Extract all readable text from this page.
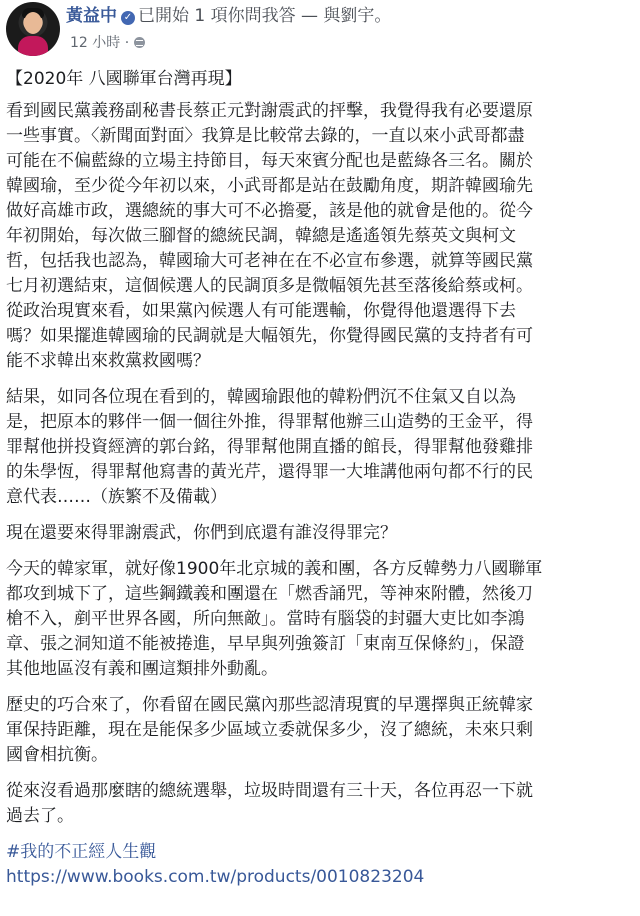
黃益中 ✓ 已開始 1 項你問我答 — 與劉宇。
12 小時 ·

【2020年 八國聯軍台灣再現】

看到國民黨義務副秘書長蔡正元對謝震武的抨擊，我覺得我有必要還原
一些事實。〈新聞面對面〉我算是比較常去錄的，一直以來小武哥都盡
可能在不偏藍綠的立場主持節目，每天來賓分配也是藍綠各三名。關於
韓國瑜，至少從今年初以來，小武哥都是站在鼓勵角度，期許韓國瑜先
做好高雄市政，選總統的事大可不必擔憂，該是他的就會是他的。從今
年初開始，每次做三腳督的總統民調，韓總是遙遙領先蔡英文與柯文
哲，包括我也認為，韓國瑜大可老神在在不必宣布參選，就算等國民黨
七月初選結束，這個候選人的民調頂多是微幅領先甚至落後給蔡或柯。
從政治現實來看，如果黨內候選人有可能選輸，你覺得他還選得下去
嗎？如果擺進韓國瑜的民調就是大幅領先，你覺得國民黨的支持者有可
能不求韓出來救黨救國嗎？

結果，如同各位現在看到的，韓國瑜跟他的韓粉們沉不住氣又自以為
是，把原本的夥伴一個一個往外推，得罪幫他辦三山造勢的王金平，得
罪幫他拼投資經濟的郭台銘，得罪幫他開直播的館長，得罪幫他發雞排
的朱學恆，得罪幫他寫書的黃光芹，還得罪一大堆講他兩句都不行的民
意代表……（族繁不及備載）

現在還要來得罪謝震武，你們到底還有誰沒得罪完？

今天的韓家軍，就好像1900年北京城的義和團，各方反韓勢力八國聯軍
都攻到城下了，這些鋼鐵義和團還在「燃香誦咒，等神來附體，然後刀
槍不入，剷平世界各國，所向無敵」。當時有腦袋的封疆大吏比如李鴻
章、張之洞知道不能被捲進，早早與列強簽訂「東南互保條約」，保證
其他地區沒有義和團這類排外動亂。

歷史的巧合來了，你看留在國民黨內那些認清現實的早選擇與正統韓家
軍保持距離，現在是能保多少區域立委就保多少，沒了總統，未來只剩
國會相抗衡。

從來沒看過那麼瞎的總統選舉，垃圾時間還有三十天，各位再忍一下就
過去了。

#我的不正經人生觀
https://www.books.com.tw/products/0010823204
